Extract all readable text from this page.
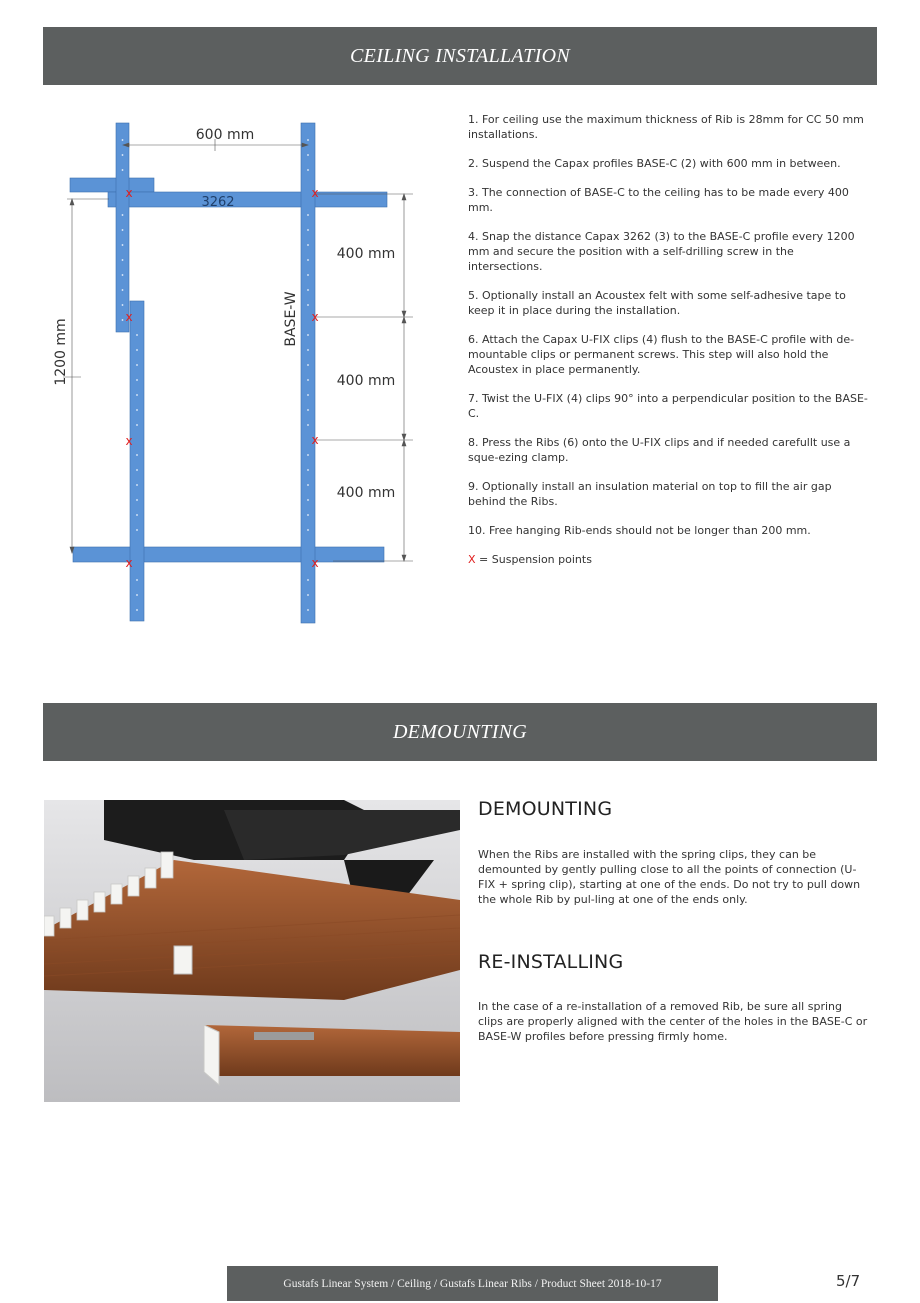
CEILING INSTALLATION
600 mm
3262
400 mm
400 mm
400 mm
1200 mm	BASE-W
x	x
x	x
x	x
x	x

1. For ceiling use the maximum thickness of Rib is 28mm for CC 50 mm installations.

2. Suspend the Capax profiles BASE-C (2) with 600 mm in between.

3. The connection of BASE-C to the ceiling has to be made every 400 mm.

4. Snap the distance Capax 3262 (3) to the BASE-C profile every 1200 mm and secure the position with a self-drilling screw in the intersections.

5. Optionally install an Acoustex felt with some self-adhesive tape to keep it in place during the installation.

6. Attach the Capax U-FIX clips (4) flush to the BASE-C profile with de-mountable clips or permanent screws. This step will also hold the Acoustex in place permanently.

7. Twist the U-FIX (4) clips 90° into a perpendicular position to the BASE-C.

8. Press the Ribs (6) onto the U-FIX clips and if needed carefullt use a sque-ezing clamp.

9. Optionally install an insulation material on top to fill the air gap behind the Ribs.

10. Free hanging Rib-ends should not be longer than 200 mm.

X = Suspension points

DEMOUNTING
DEMOUNTING
When the Ribs are installed with the spring clips, they can be demounted by gently pulling close to all the points of connection (U-FIX + spring clip), starting at one of the ends. Do not try to pull down the whole Rib by pul-ling at one of the ends only.
RE-INSTALLING
In the case of a re-installation of a removed Rib, be sure all spring clips are properly aligned with the center of the holes in the BASE-C or BASE-W profiles before pressing firmly home.
Gustafs Linear System / Ceiling / Gustafs Linear Ribs / Product Sheet 2018-10-17	5/7
